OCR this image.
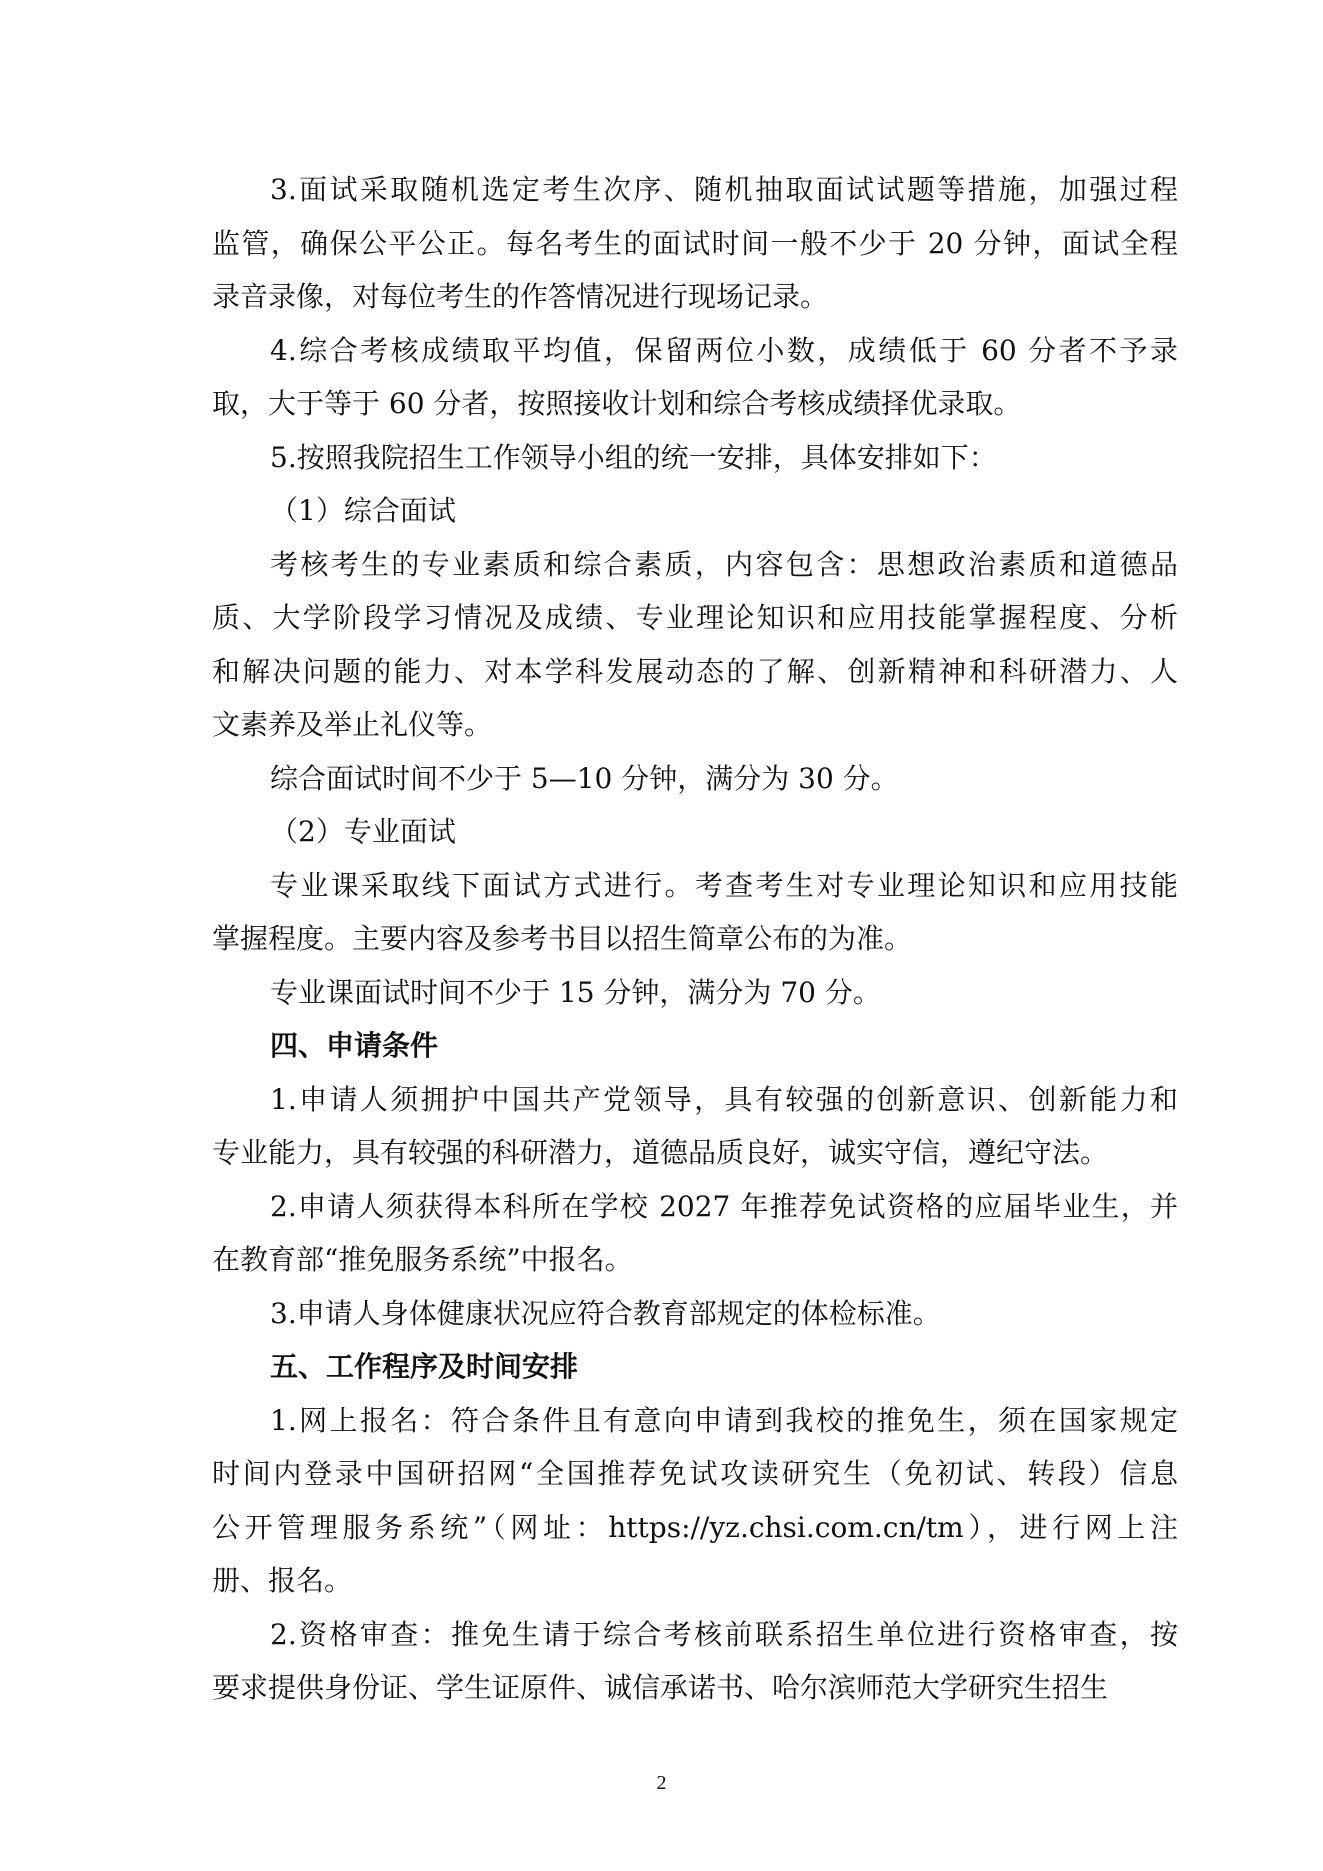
3.面试采取随机选定考生次序、随机抽取面试试题等措施，加强过程
监管，确保公平公正。每名考生的面试时间一般不少于 20 分钟，面试全程
录音录像，对每位考生的作答情况进行现场记录。

4.综合考核成绩取平均值，保留两位小数，成绩低于 60 分者不予录
取，大于等于 60 分者，按照接收计划和综合考核成绩择优录取。

5.按照我院招生工作领导小组的统一安排，具体安排如下：

（1）综合面试

考核考生的专业素质和综合素质，内容包含：思想政治素质和道德品
质、大学阶段学习情况及成绩、专业理论知识和应用技能掌握程度、分析
和解决问题的能力、对本学科发展动态的了解、创新精神和科研潜力、人
文素养及举止礼仪等。

综合面试时间不少于 5—10 分钟，满分为 30 分。

（2）专业面试

专业课采取线下面试方式进行。考查考生对专业理论知识和应用技能
掌握程度。主要内容及参考书目以招生简章公布的为准。

专业课面试时间不少于 15 分钟，满分为 70 分。

四、申请条件

1.申请人须拥护中国共产党领导，具有较强的创新意识、创新能力和
专业能力，具有较强的科研潜力，道德品质良好，诚实守信，遵纪守法。

2.申请人须获得本科所在学校 2027 年推荐免试资格的应届毕业生，并
在教育部“推免服务系统”中报名。

3.申请人身体健康状况应符合教育部规定的体检标准。

五、工作程序及时间安排

1.网上报名：符合条件且有意向申请到我校的推免生，须在国家规定
时间内登录中国研招网“全国推荐免试攻读研究生（免初试、转段）信息
公开管理服务系统”（网址：https://yz.chsi.com.cn/tm），进行网上注
册、报名。

2.资格审查：推免生请于综合考核前联系招生单位进行资格审查，按
要求提供身份证、学生证原件、诚信承诺书、哈尔滨师范大学研究生招生

2
